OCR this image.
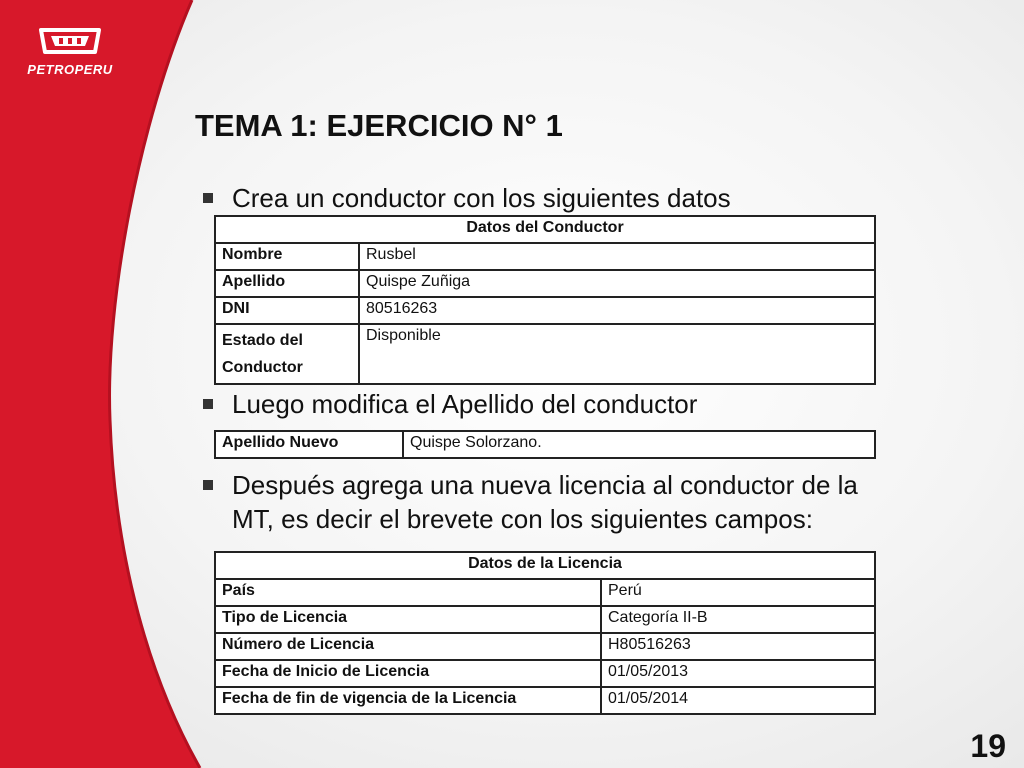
PETROPERU
TEMA 1: EJERCICIO N° 1
Crea un conductor con los siguientes datos
Datos del Conductor	
Nombre	Rusbel
Apellido	Quispe Zuñiga
DNI	80516263
Estado del Conductor	Disponible
Luego modifica el Apellido del conductor
Apellido Nuevo	Quispe Solorzano.
Después agrega una nueva licencia al conductor de la MT, es decir el brevete con los siguientes campos:
Datos de la Licencia	
País	Perú
Tipo de Licencia	Categoría II-B
Número de Licencia	H80516263
Fecha de Inicio de Licencia	01/05/2013
Fecha de fin de vigencia de la Licencia	01/05/2014
19
